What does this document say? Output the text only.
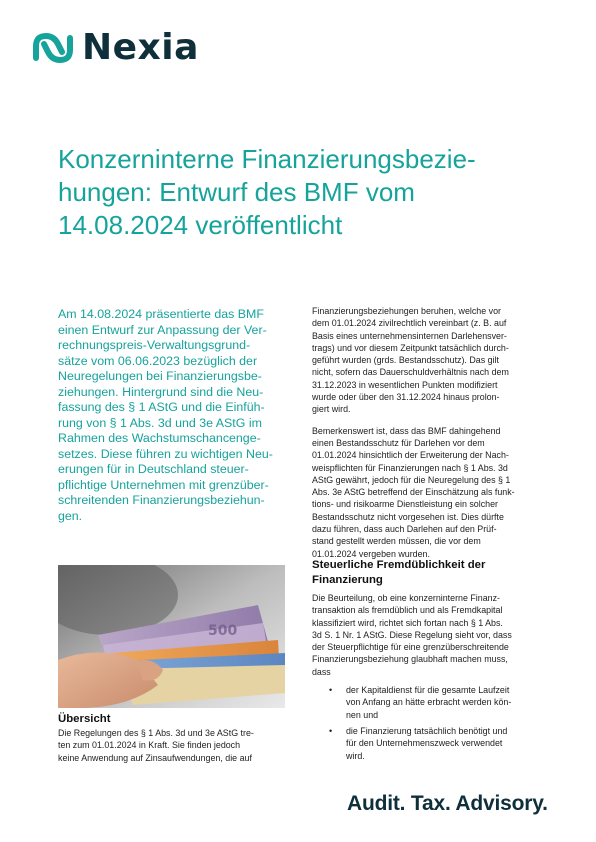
Nexia
Konzerninterne Finanzierungsbezie-
hungen: Entwurf des BMF vom
14.08.2024 veröffentlicht
Am 14.08.2024 präsentierte das BMF
einen Entwurf zur Anpassung der Ver-
rechnungspreis-Verwaltungsgrund-
sätze vom 06.06.2023 bezüglich der
Neuregelungen bei Finanzierungsbe-
ziehungen. Hintergrund sind die Neu-
fassung des § 1 AStG und die Einfüh-
rung von § 1 Abs. 3d und 3e AStG im
Rahmen des Wachstumschancenge-
setzes. Diese führen zu wichtigen Neu-
erungen für in Deutschland steuer-
pflichtige Unternehmen mit grenzüber-
schreitenden Finanzierungsbeziehun-
gen.
500

Übersicht

Die Regelungen des § 1 Abs. 3d und 3e AStG tre-
ten zum 01.01.2024 in Kraft. Sie finden jedoch
keine Anwendung auf Zinsaufwendungen, die auf
Finanzierungsbeziehungen beruhen, welche vor
dem 01.01.2024 zivilrechtlich vereinbart (z. B. auf
Basis eines unternehmensinternen Darlehensver-
trags) und vor diesem Zeitpunkt tatsächlich durch-
geführt wurden (grds. Bestandsschutz). Das gilt
nicht, sofern das Dauerschuldverhältnis nach dem
31.12.2023 in wesentlichen Punkten modifiziert
wurde oder über den 31.12.2024 hinaus prolon-
giert wird.
Bemerkenswert ist, dass das BMF dahingehend
einen Bestandsschutz für Darlehen vor dem
01.01.2024 hinsichtlich der Erweiterung der Nach-
weispflichten für Finanzierungen nach § 1 Abs. 3d
AStG gewährt, jedoch für die Neuregelung des § 1
Abs. 3e AStG betreffend der Einschätzung als funk-
tions- und risikoarme Dienstleistung ein solcher
Bestandsschutz nicht vorgesehen ist. Dies dürfte
dazu führen, dass auch Darlehen auf den Prüf-
stand gestellt werden müssen, die vor dem
01.01.2024 vergeben wurden.

Steuerliche Fremdüblichkeit der
Finanzierung

Die Beurteilung, ob eine konzerninterne Finanz-
transaktion als fremdüblich und als Fremdkapital
klassifiziert wird, richtet sich fortan nach § 1 Abs.
3d S. 1 Nr. 1 AStG. Diese Regelung sieht vor, dass
der Steuerpflichtige für eine grenzüberschreitende
Finanzierungsbeziehung glaubhaft machen muss,
dass
• der Kapitaldienst für die gesamte Laufzeit
von Anfang an hätte erbracht werden kön-
nen und
• die Finanzierung tatsächlich benötigt und
für den Unternehmenszweck verwendet
wird.
Audit. Tax. Advisory.
